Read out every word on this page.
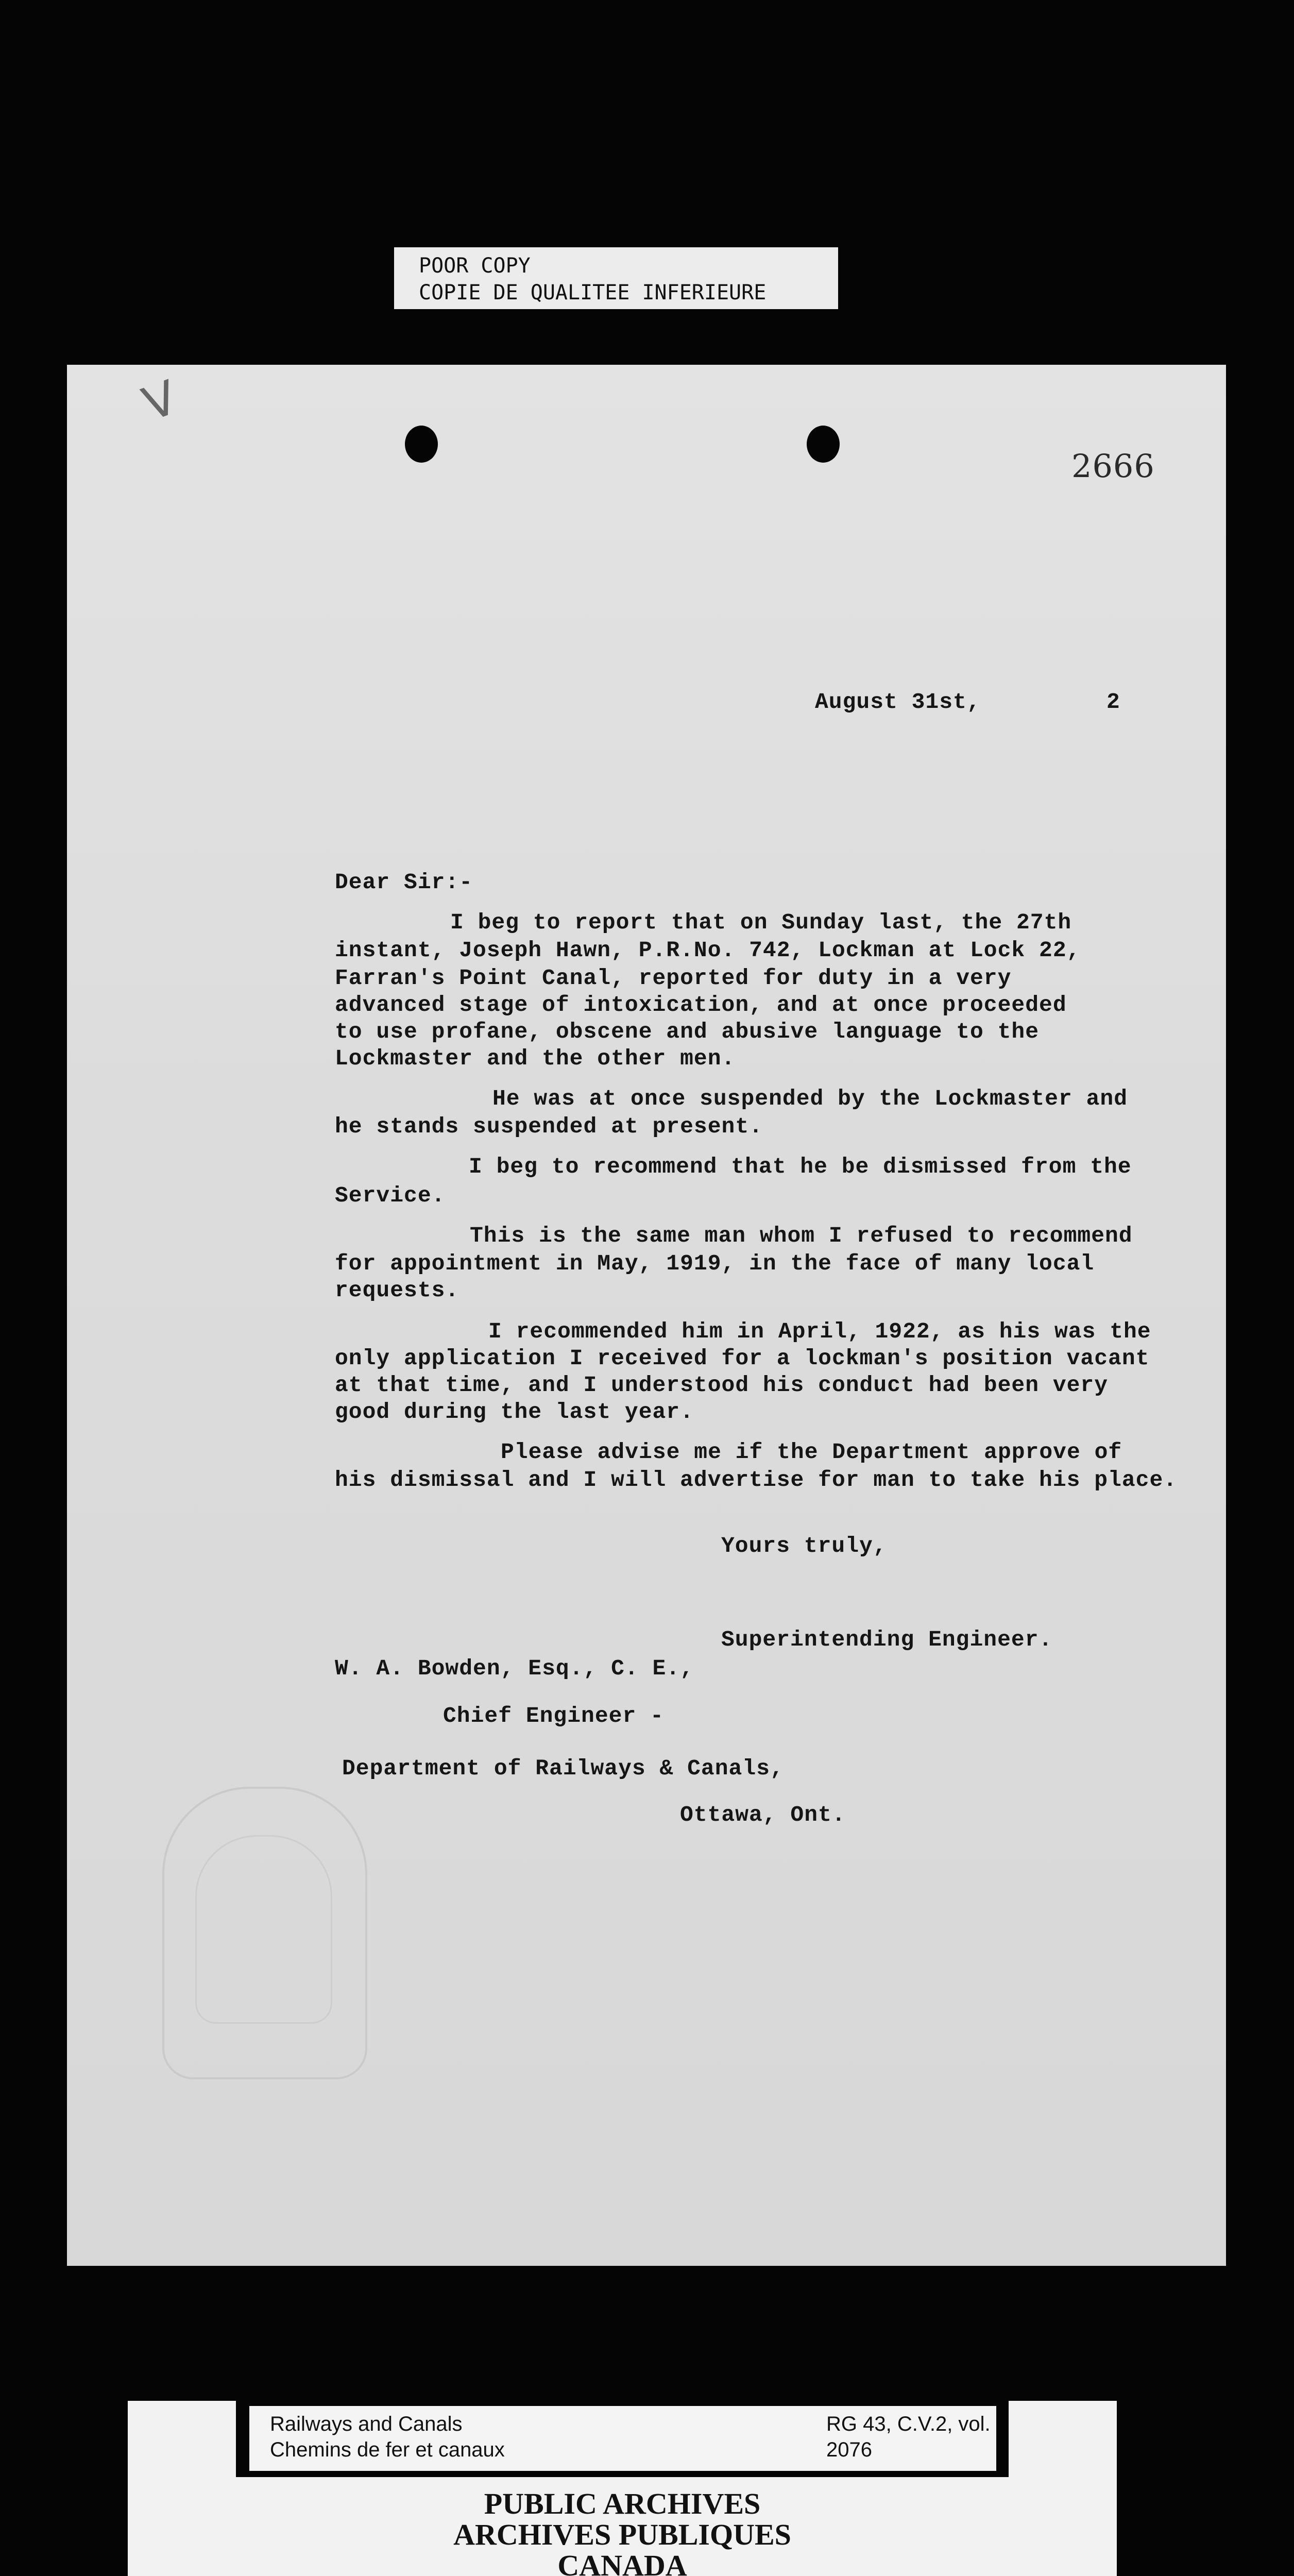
POOR COPY
COPIE DE QUALITEE INFERIEURE
V
2666
August 31st,	2
Dear Sir:-
I beg to report that on Sunday last, the 27th
instant, Joseph Hawn, P.R.No. 742, Lockman at Lock 22,
Farran's Point Canal, reported for duty in a very
advanced stage of intoxication, and at once proceeded
to use profane, obscene and abusive language to the
Lockmaster and the other men.
He was at once suspended by the Lockmaster and
he stands suspended at present.
I beg to recommend that he be dismissed from the
Service.
This is the same man whom I refused to recommend
for appointment in May, 1919, in the face of many local
requests.
I recommended him in April, 1922, as his was the
only application I received for a lockman's position vacant
at that time, and I understood his conduct had been very
good during the last year.
Please advise me if the Department approve of
his dismissal and I will advertise for man to take his place.
Yours truly,
Superintending Engineer.
W. A. Bowden, Esq., C. E.,
Chief Engineer -
Department of Railways & Canals,
Ottawa, Ont.
Railways and Canals
Chemins de fer et canaux
RG 43, C.V.2, vol. 2076
PUBLIC ARCHIVES
ARCHIVES PUBLIQUES
CANADA
